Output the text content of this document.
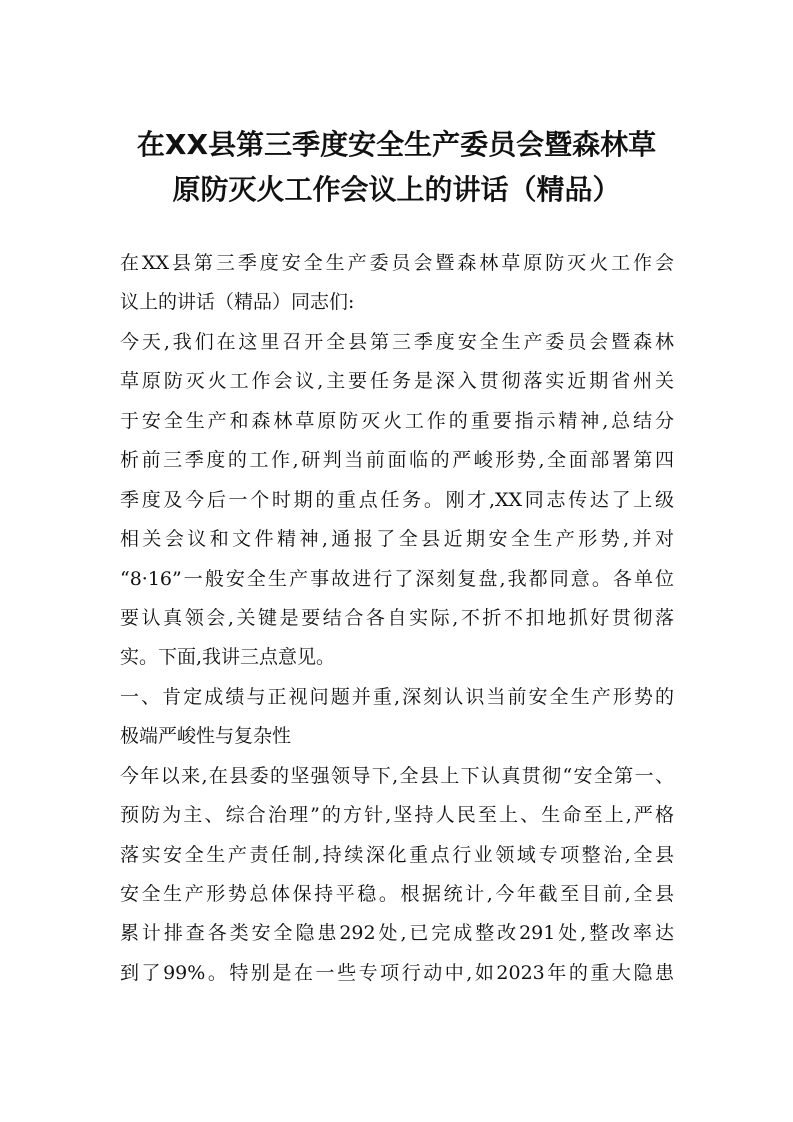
在XX县第三季度安全生产委员会暨森林草
原防灭火工作会议上的讲话（精品）
在XX县第三季度安全生产委员会暨森林草原防灭火工作会
议上的讲话（精品）同志们:
今天,我们在这里召开全县第三季度安全生产委员会暨森林
草原防灭火工作会议,主要任务是深入贯彻落实近期省州关
于安全生产和森林草原防灭火工作的重要指示精神,总结分
析前三季度的工作,研判当前面临的严峻形势,全面部署第四
季度及今后一个时期的重点任务。刚才,XX同志传达了上级
相关会议和文件精神,通报了全县近期安全生产形势,并对
“8·16”一般安全生产事故进行了深刻复盘,我都同意。各单位
要认真领会,关键是要结合各自实际,不折不扣地抓好贯彻落
实。下面,我讲三点意见。
一、肯定成绩与正视问题并重,深刻认识当前安全生产形势的
极端严峻性与复杂性
今年以来,在县委的坚强领导下,全县上下认真贯彻“安全第一、
预防为主、综合治理”的方针,坚持人民至上、生命至上,严格
落实安全生产责任制,持续深化重点行业领域专项整治,全县
安全生产形势总体保持平稳。根据统计,今年截至目前,全县
累计排查各类安全隐患292处,已完成整改291处,整改率达
到了99%。特别是在一些专项行动中,如2023年的重大隐患
